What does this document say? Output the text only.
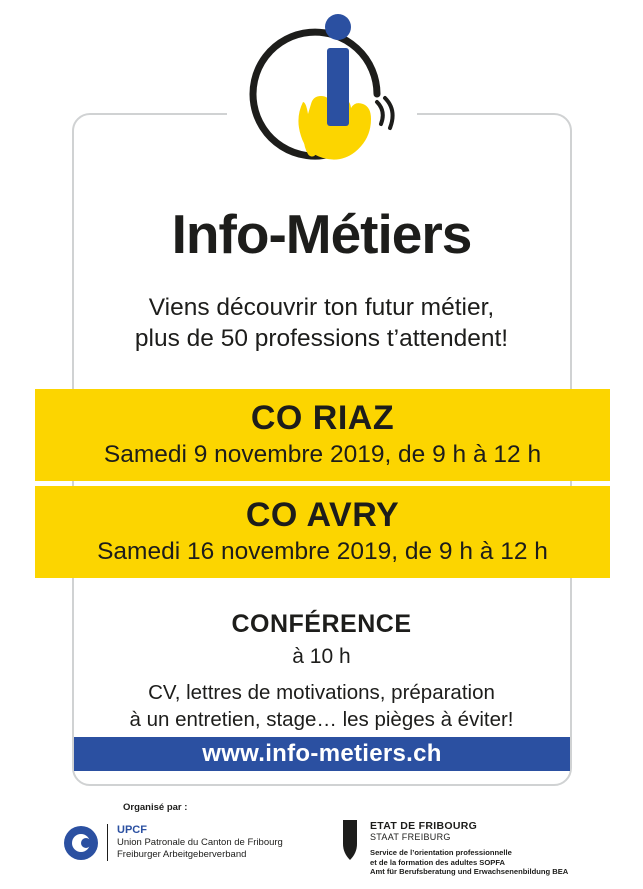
Info-Métiers
Viens découvrir ton futur métier,
plus de 50 professions t’attendent!
CO RIAZ
Samedi 9 novembre 2019, de 9 h à 12 h
CO AVRY
Samedi 16 novembre 2019, de 9 h à 12 h
CONFÉRENCE
à 10 h
CV, lettres de motivations, préparation
à un entretien, stage… les pièges à éviter!
www.info-metiers.ch
Organisé par :
UPCF
Union Patronale du Canton de Fribourg
Freiburger Arbeitgeberverband
ETAT DE FRIBOURG
STAAT FREIBURG
Service de l’orientation professionnelle
et de la formation des adultes SOPFA
Amt für Berufsberatung und Erwachsenenbildung BEA
